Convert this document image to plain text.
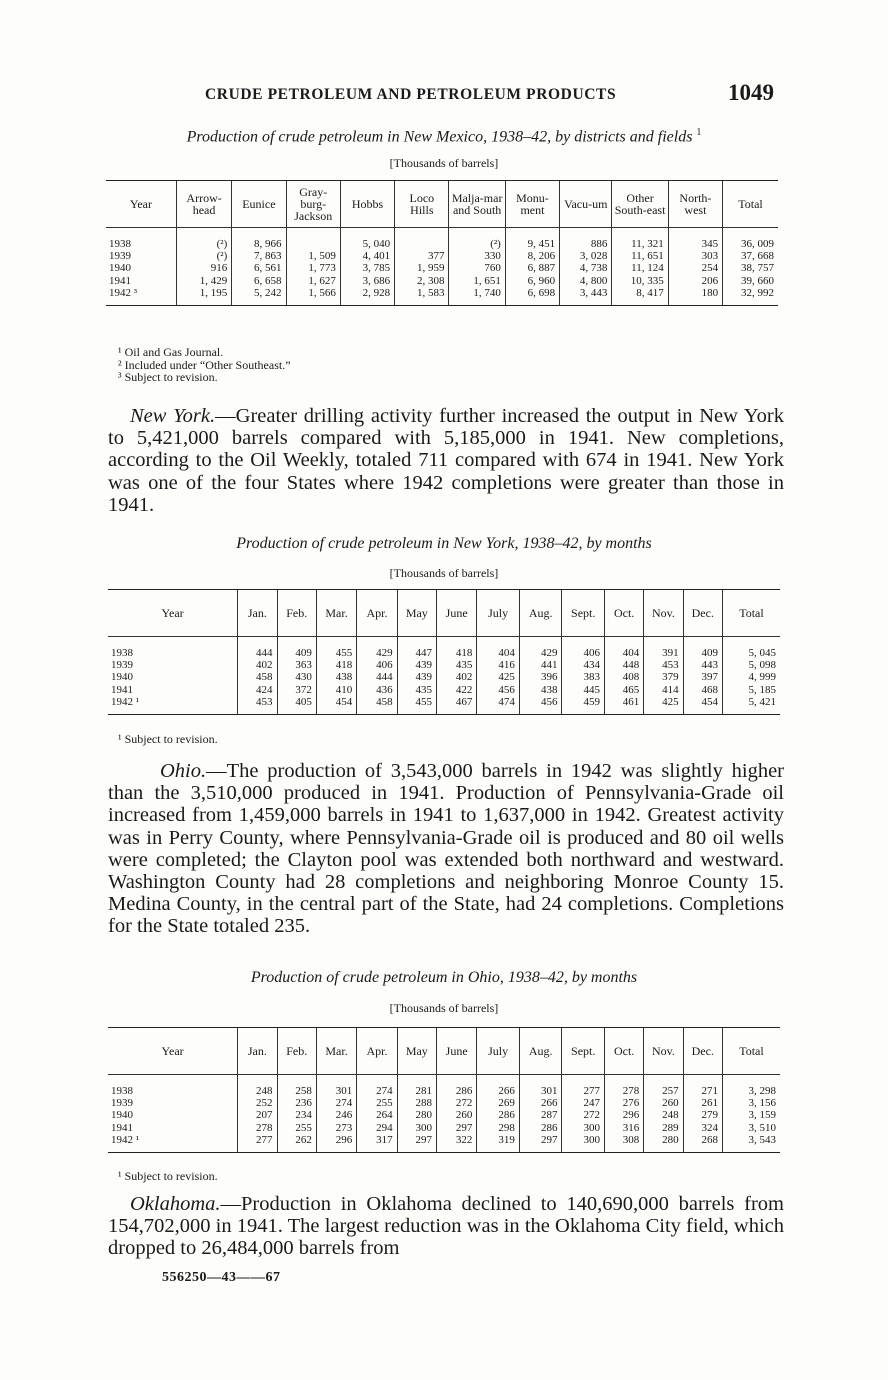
CRUDE PETROLEUM AND PETROLEUM PRODUCTS	1049
Production of crude petroleum in New Mexico, 1938–42, by districts and fields $^1$
[Thousands of barrels]
Year	Arrow-head	Eunice	Gray-burg-Jackson	Hobbs	Loco Hills	Malja-mar and South	Monu-ment	Vacu-um	Other South-east	North-west	Total

1938	(²)	8, 966		5, 040		(²)	9, 451	886	11, 321	345	36, 009
1939	(²)	7, 863	1, 509	4, 401	377	330	8, 206	3, 028	11, 651	303	37, 668
1940	916	6, 561	1, 773	3, 785	1, 959	760	6, 887	4, 738	11, 124	254	38, 757
1941	1, 429	6, 658	1, 627	3, 686	2, 308	1, 651	6, 960	4, 800	10, 335	206	39, 660
1942 ³	1, 195	5, 242	1, 566	2, 928	1, 583	1, 740	6, 698	3, 443	8, 417	180	32, 992

¹ Oil and Gas Journal.
² Included under “Other Southeast.”
³ Subject to revision.

New York.—Greater drilling activity further increased the output in New York to 5,421,000 barrels compared with 5,185,000 in 1941. New completions, according to the Oil Weekly, totaled 711 compared with 674 in 1941. New York was one of the four States where 1942 completions were greater than those in 1941.

Production of crude petroleum in New York, 1938–42, by months
[Thousands of barrels]
Year	Jan.	Feb.	Mar.	Apr.	May	June	July	Aug.	Sept.	Oct.	Nov.	Dec.	Total

1938	444	409	455	429	447	418	404	429	406	404	391	409	5, 045
1939	402	363	418	406	439	435	416	441	434	448	453	443	5, 098
1940	458	430	438	444	439	402	425	396	383	408	379	397	4, 999
1941	424	372	410	436	435	422	456	438	445	465	414	468	5, 185
1942 ¹	453	405	454	458	455	467	474	456	459	461	425	454	5, 421

¹ Subject to revision.

Ohio.—The production of 3,543,000 barrels in 1942 was slightly higher than the 3,510,000 produced in 1941. Production of Pennsylvania-Grade oil increased from 1,459,000 barrels in 1941 to 1,637,000 in 1942. Greatest activity was in Perry County, where Pennsylvania-Grade oil is produced and 80 oil wells were completed; the Clayton pool was extended both northward and westward. Washington County had 28 completions and neighboring Monroe County 15. Medina County, in the central part of the State, had 24 completions. Completions for the State totaled 235.

Production of crude petroleum in Ohio, 1938–42, by months
[Thousands of barrels]
Year	Jan.	Feb.	Mar.	Apr.	May	June	July	Aug.	Sept.	Oct.	Nov.	Dec.	Total

1938	248	258	301	274	281	286	266	301	277	278	257	271	3, 298
1939	252	236	274	255	288	272	269	266	247	276	260	261	3, 156
1940	207	234	246	264	280	260	286	287	272	296	248	279	3, 159
1941	278	255	273	294	300	297	298	286	300	316	289	324	3, 510
1942 ¹	277	262	296	317	297	322	319	297	300	308	280	268	3, 543

¹ Subject to revision.

Oklahoma.—Production in Oklahoma declined to 140,690,000 barrels from 154,702,000 in 1941. The largest reduction was in the Oklahoma City field, which dropped to 26,484,000 barrels from

556250—43——67
